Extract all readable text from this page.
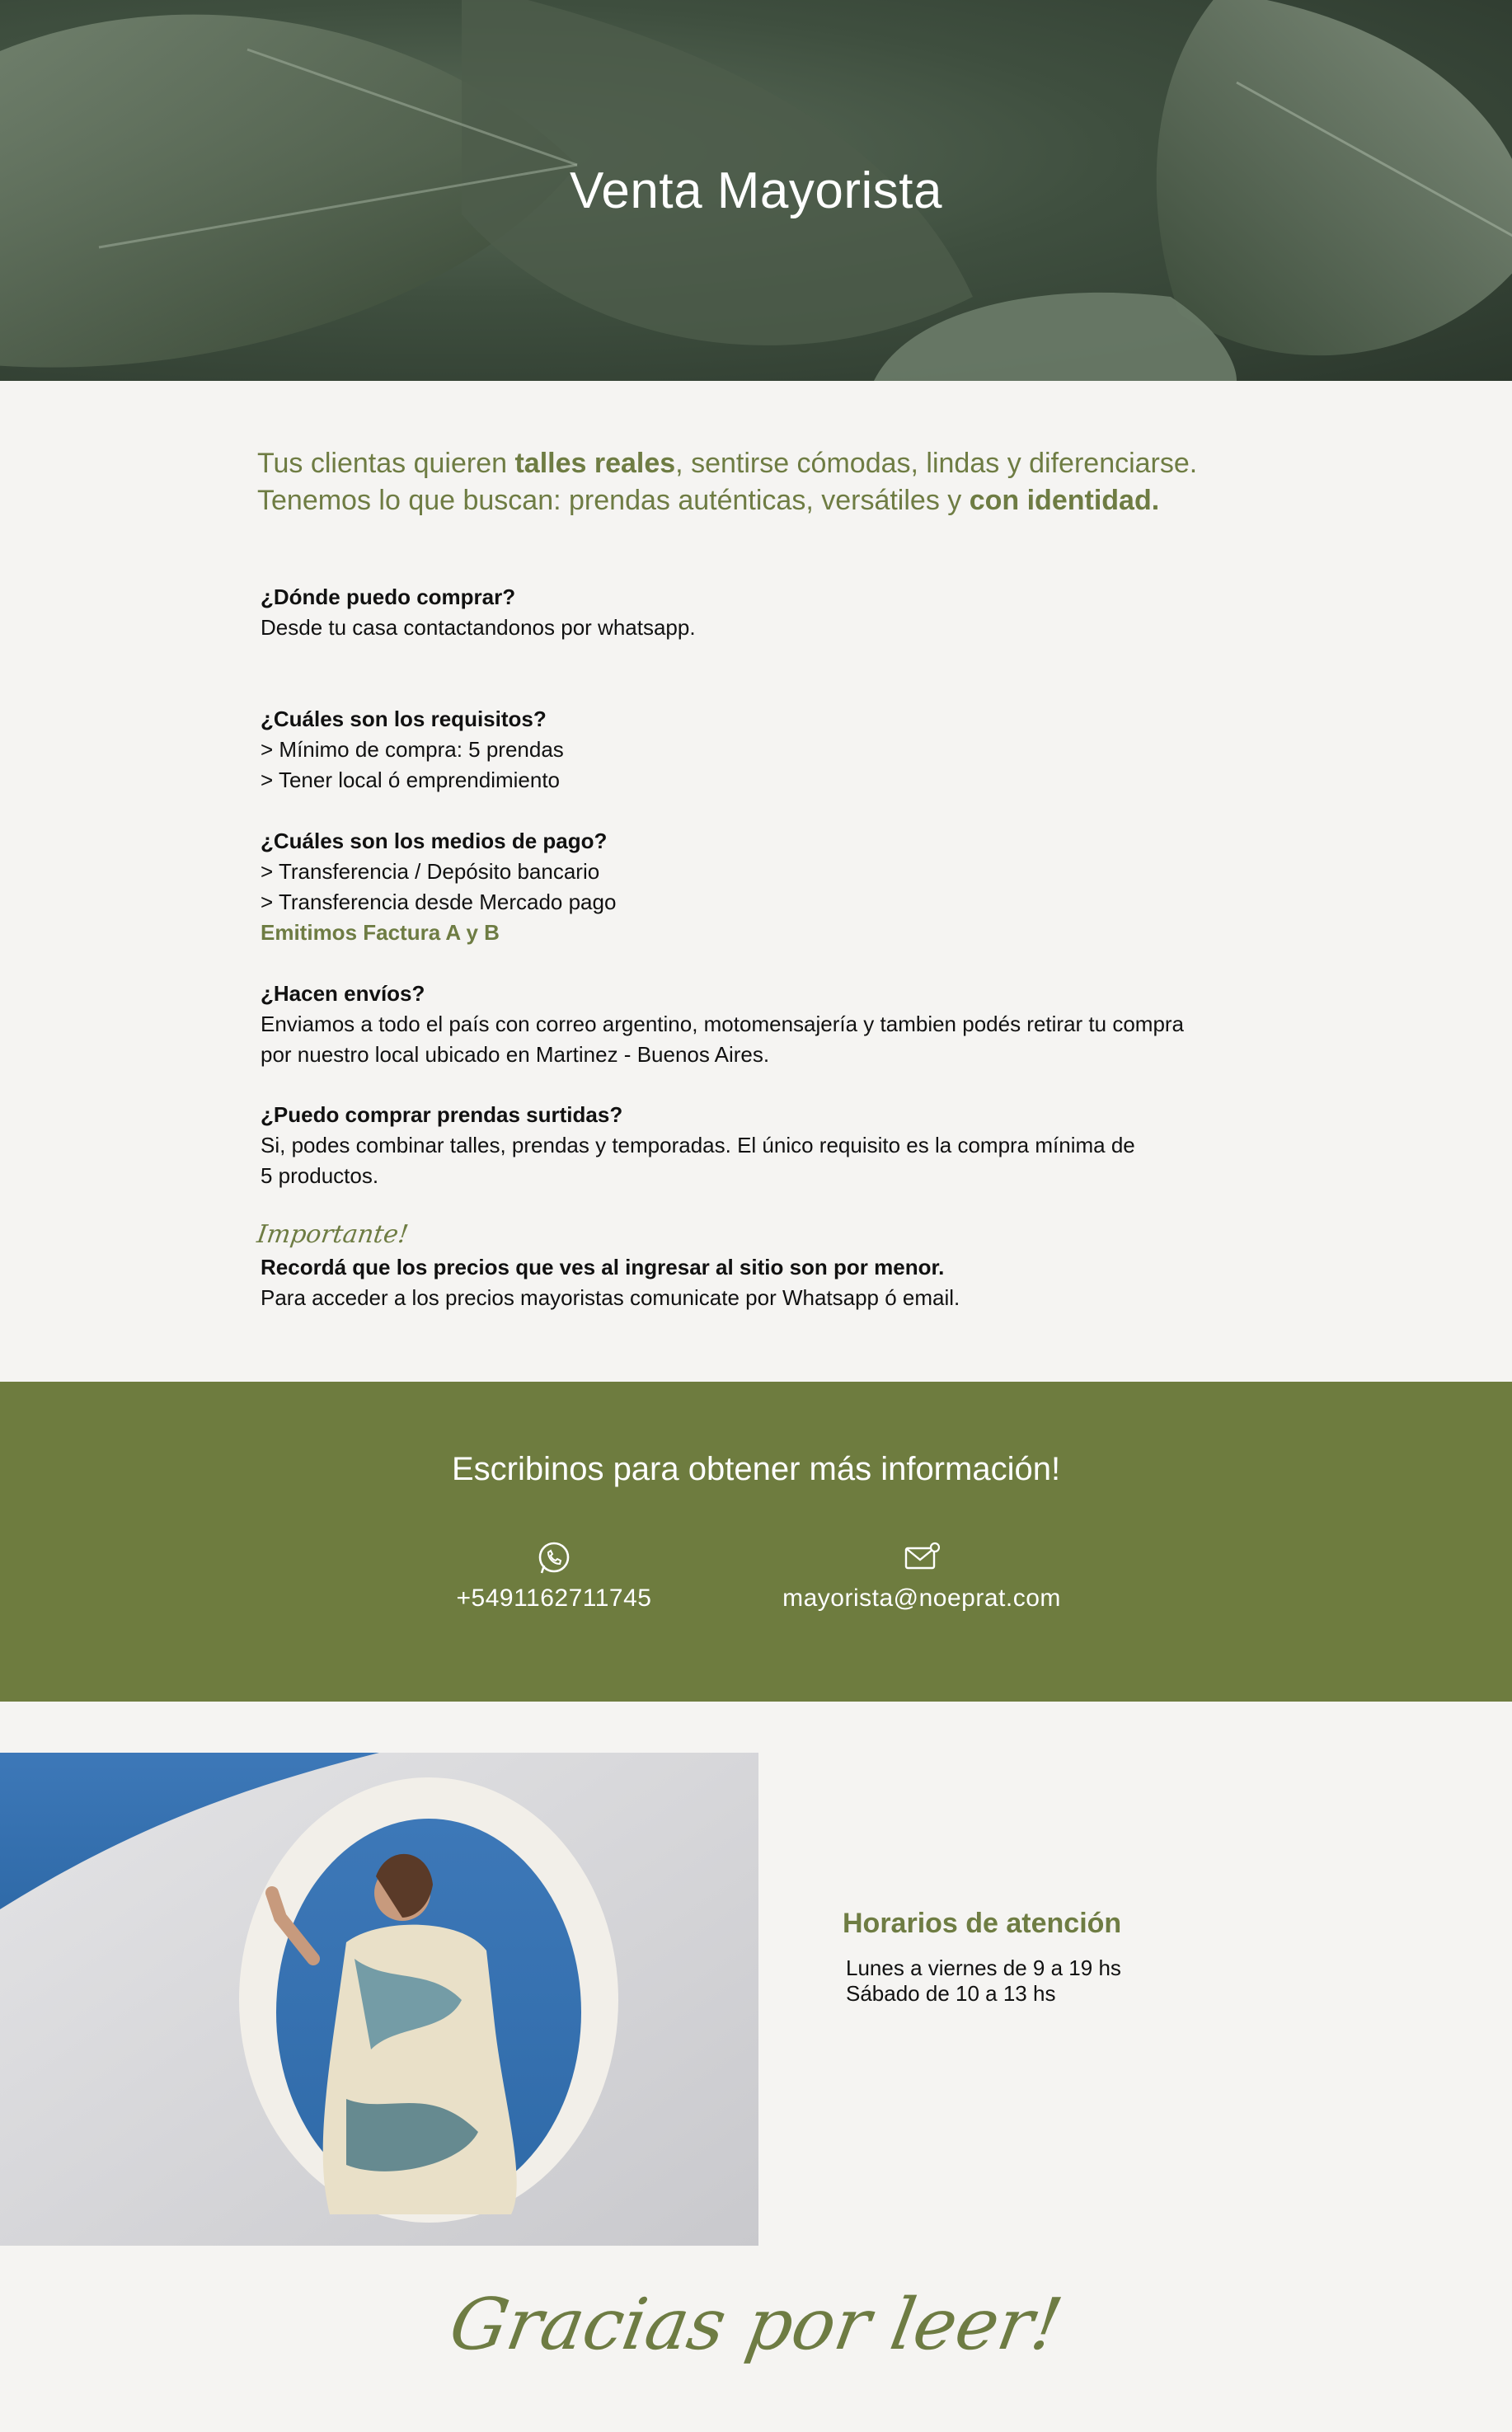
Venta Mayorista
Tus clientas quieren talles reales, sentirse cómodas, lindas y diferenciarse.
Tenemos lo que buscan: prendas auténticas, versátiles y con identidad.
¿Dónde puedo comprar?
Desde tu casa contactandonos por whatsapp.
¿Cuáles son los requisitos?
> Mínimo de compra: 5 prendas
> Tener local ó emprendimiento
¿Cuáles son los medios de pago?
> Transferencia / Depósito bancario
> Transferencia desde Mercado pago
Emitimos Factura A y B
¿Hacen envíos?
Enviamos a todo el país con correo argentino, motomensajería y tambien podés retirar tu compra
por nuestro local ubicado en Martinez - Buenos Aires.
¿Puedo comprar prendas surtidas?
Si, podes combinar talles, prendas y temporadas. El único requisito es la compra mínima de
5 productos.
Importante!
Recordá que los precios que ves al ingresar al sitio son por menor.
Para acceder a los precios mayoristas comunicate por Whatsapp ó email.
Escribinos para obtener más información!
+5491162711745	mayorista@noeprat.com
Horarios de atención
Lunes a viernes de 9 a 19 hs
Sábado de 10 a 13 hs
Gracias por leer!
